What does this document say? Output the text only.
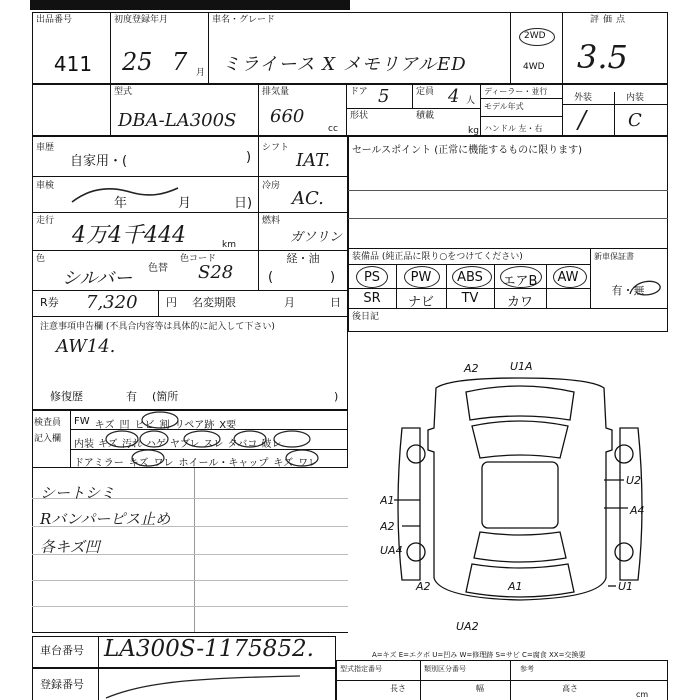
出品番号
411
初度登録年月
25 7 月
車名・グレード
ミライース X メモリアルED
2WD
4WD
評価点
3.5
型式
DBA-LA300S
排気量
660
cc
ドア 5	定員 4 人
形状	積載
kg
ディーラー・並行
モデル年式
ハンドル 左・右
外装	内装
/ C
車歴
自家用・(	)
シフト
IAT.
車検
年	月	日)
冷房
AC.
走行
4万4千444	km
燃料
ガソリン
色
シルバー 色替
色コード
S28
経・油
(	)
R券 7,320	円 名変期限	月	日
注意事項申告欄 (不具合内容等は具体的に記入して下さい)
AW14.
修復歴	有 (箇所	)
セールスポイント (正常に機能するものに限ります)
装備品 (純正品に限り○をつけてください)	新車保証書
PS	PW	ABS	エアB	AW
SR	ナビ	TV	カワ
有・無
後日記
検査員
記入欄
FW キズ 凹 ヒビ 割 リペア跡 X要
内装 キズ 汚れ ハゲ ヤブレ スレ タバコ 破レ
ドアミラー キズ ワレ ホイール・キャップ キズ ワレ
シートシミ
Rバンパーピス止め
各キズ凹
A2	U1A
A1
A2
U2
A4
UA4
A2	A1	U1
UA2
A=キズ E=エクボ U=凹み W=修理跡 S=サビ C=腐食 XX=交換要
車台番号 LA300S-1175852.
登録番号
型式指定番号	類別区分番号	参考
長さ	幅	高さ
cm
